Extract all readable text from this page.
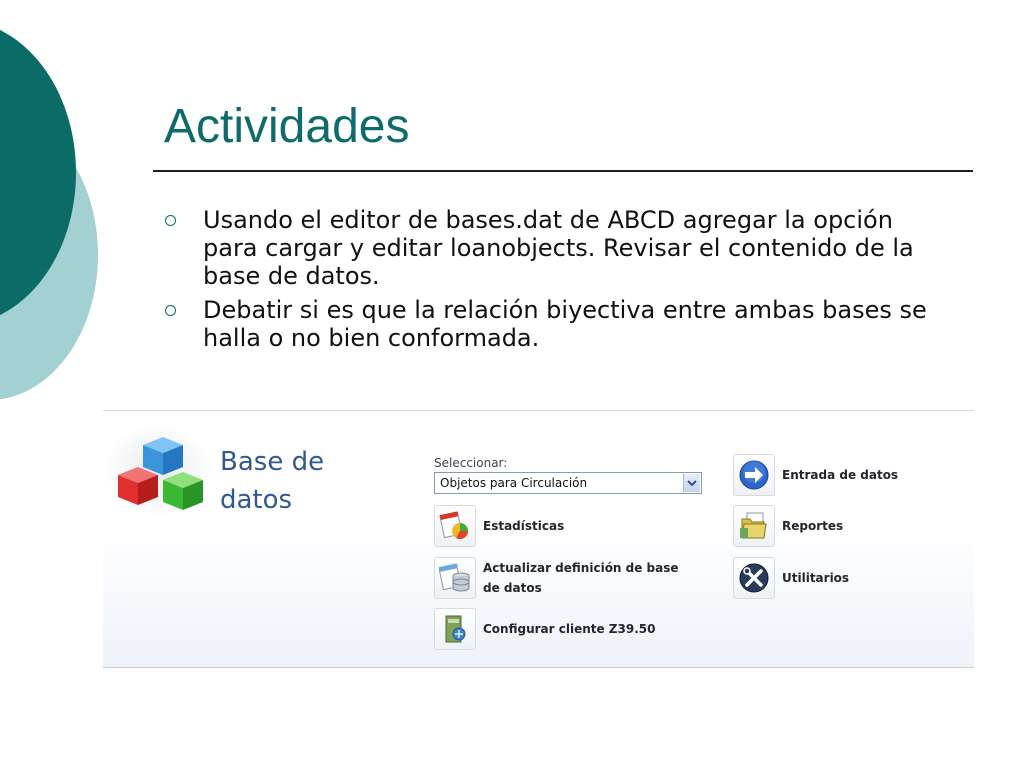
Actividades
Usando el editor de bases.dat de ABCD agregar la opción para cargar y editar loanobjects. Revisar el contenido de la base de datos.
Debatir si es que la relación biyectiva entre ambas bases se halla o no bien conformada.
Base de
datos
Seleccionar:
Objetos para Circulación
Estadísticas
Actualizar definición de base
de datos
Configurar cliente Z39.50
Entrada de datos
Reportes
Utilitarios
